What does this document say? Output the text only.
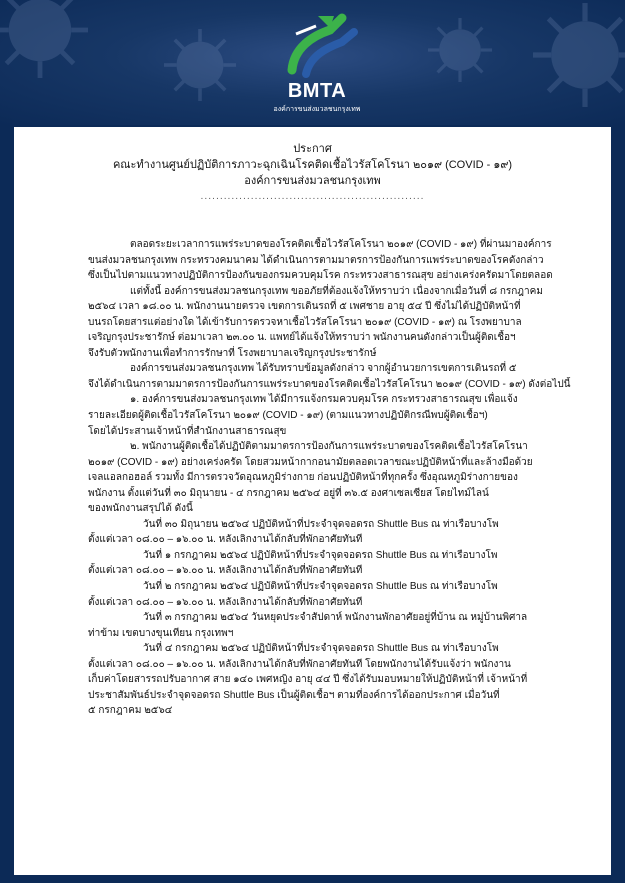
BMTA
องค์การขนส่งมวลชนกรุงเทพ
ประกาศ
คณะทำงานศูนย์ปฏิบัติการภาวะฉุกเฉินโรคติดเชื้อไวรัสโคโรนา ๒๐๑๙ (COVID - ๑๙)
องค์การขนส่งมวลชนกรุงเทพ
..........................................................
ตลอดระยะเวลาการแพร่ระบาดของโรคติดเชื้อไวรัสโคโรนา ๒๐๑๙ (COVID - ๑๙) ที่ผ่านมาองค์การ
ขนส่งมวลชนกรุงเทพ กระทรวงคมนาคม ได้ดำเนินการตามมาตรการป้องกันการแพร่ระบาดของโรคดังกล่าว
ซึ่งเป็นไปตามแนวทางปฏิบัติการป้องกันของกรมควบคุมโรค กระทรวงสาธารณสุข อย่างเคร่งครัดมาโดยตลอด
แต่ทั้งนี้ องค์การขนส่งมวลชนกรุงเทพ ขออภัยที่ต้องแจ้งให้ทราบว่า เนื่องจากเมื่อวันที่ ๘ กรกฎาคม
๒๕๖๔ เวลา ๑๘.๐๐ น. พนักงานนายตรวจ เขตการเดินรถที่ ๕ เพศชาย อายุ ๕๔ ปี ซึ่งไม่ได้ปฏิบัติหน้าที่
บนรถโดยสารแต่อย่างใด ได้เข้ารับการตรวจหาเชื้อไวรัสโคโรนา ๒๐๑๙ (COVID - ๑๙) ณ โรงพยาบาล
เจริญกรุงประชารักษ์ ต่อมาเวลา ๒๓.๐๐ น. แพทย์ได้แจ้งให้ทราบว่า พนักงานคนดังกล่าวเป็นผู้ติดเชื้อฯ
จึงรับตัวพนักงานเพื่อทำการรักษาที่ โรงพยาบาลเจริญกรุงประชารักษ์
องค์การขนส่งมวลชนกรุงเทพ ได้รับทราบข้อมูลดังกล่าว จากผู้อำนวยการเขตการเดินรถที่ ๕
จึงได้ดำเนินการตามมาตรการป้องกันการแพร่ระบาดของโรคติดเชื้อไวรัสโคโรนา ๒๐๑๙ (COVID - ๑๙) ดังต่อไปนี้
๑. องค์การขนส่งมวลชนกรุงเทพ ได้มีการแจ้งกรมควบคุมโรค กระทรวงสาธารณสุข เพื่อแจ้ง
รายละเอียดผู้ติดเชื้อไวรัสโคโรนา ๒๐๑๙ (COVID - ๑๙) (ตามแนวทางปฏิบัติกรณีพบผู้ติดเชื้อฯ)
โดยได้ประสานเจ้าหน้าที่สำนักงานสาธารณสุข
๒. พนักงานผู้ติดเชื้อได้ปฏิบัติตามมาตรการป้องกันการแพร่ระบาดของโรคติดเชื้อไวรัสโคโรนา
๒๐๑๙ (COVID - ๑๙) อย่างเคร่งครัด โดยสวมหน้ากากอนามัยตลอดเวลาขณะปฏิบัติหน้าที่และล้างมือด้วย
เจลแอลกอฮอล์ รวมทั้ง มีการตรวจวัดอุณหภูมิร่างกาย ก่อนปฏิบัติหน้าที่ทุกครั้ง ซึ่งอุณหภูมิร่างกายของ
พนักงาน ตั้งแต่วันที่ ๓๐ มิถุนายน - ๔ กรกฎาคม ๒๕๖๔ อยู่ที่ ๓๖.๕ องศาเซลเซียส โดยไทม์ไลน์
ของพนักงานสรุปได้ ดังนี้
วันที่ ๓๐ มิถุนายน ๒๕๖๔ ปฏิบัติหน้าที่ประจำจุดจอดรถ Shuttle Bus ณ ท่าเรือบางโพ
ตั้งแต่เวลา ๐๘.๐๐ – ๑๖.๐๐ น. หลังเลิกงานได้กลับที่พักอาศัยทันที
วันที่ ๑ กรกฎาคม ๒๕๖๔ ปฏิบัติหน้าที่ประจำจุดจอดรถ Shuttle Bus ณ ท่าเรือบางโพ
ตั้งแต่เวลา ๐๘.๐๐ – ๑๖.๐๐ น. หลังเลิกงานได้กลับที่พักอาศัยทันที
วันที่ ๒ กรกฎาคม ๒๕๖๔ ปฏิบัติหน้าที่ประจำจุดจอดรถ Shuttle Bus ณ ท่าเรือบางโพ
ตั้งแต่เวลา ๐๘.๐๐ – ๑๖.๐๐ น. หลังเลิกงานได้กลับที่พักอาศัยทันที
วันที่ ๓ กรกฎาคม ๒๕๖๔ วันหยุดประจำสัปดาห์ พนักงานพักอาศัยอยู่ที่บ้าน ณ หมู่บ้านพิศาล
ท่าข้าม เขตบางขุนเทียน กรุงเทพฯ
วันที่ ๔ กรกฎาคม ๒๕๖๔ ปฏิบัติหน้าที่ประจำจุดจอดรถ Shuttle Bus ณ ท่าเรือบางโพ
ตั้งแต่เวลา ๐๘.๐๐ – ๑๖.๐๐ น. หลังเลิกงานได้กลับที่พักอาศัยทันที โดยพนักงานได้รับแจ้งว่า พนักงาน
เก็บค่าโดยสารรถปรับอากาศ สาย ๑๔๐ เพศหญิง อายุ ๔๔ ปี ซึ่งได้รับมอบหมายให้ปฏิบัติหน้าที่ เจ้าหน้าที่
ประชาสัมพันธ์ประจำจุดจอดรถ Shuttle Bus เป็นผู้ติดเชื้อฯ ตามที่องค์การได้ออกประกาศ เมื่อวันที่
๕ กรกฎาคม ๒๕๖๔
